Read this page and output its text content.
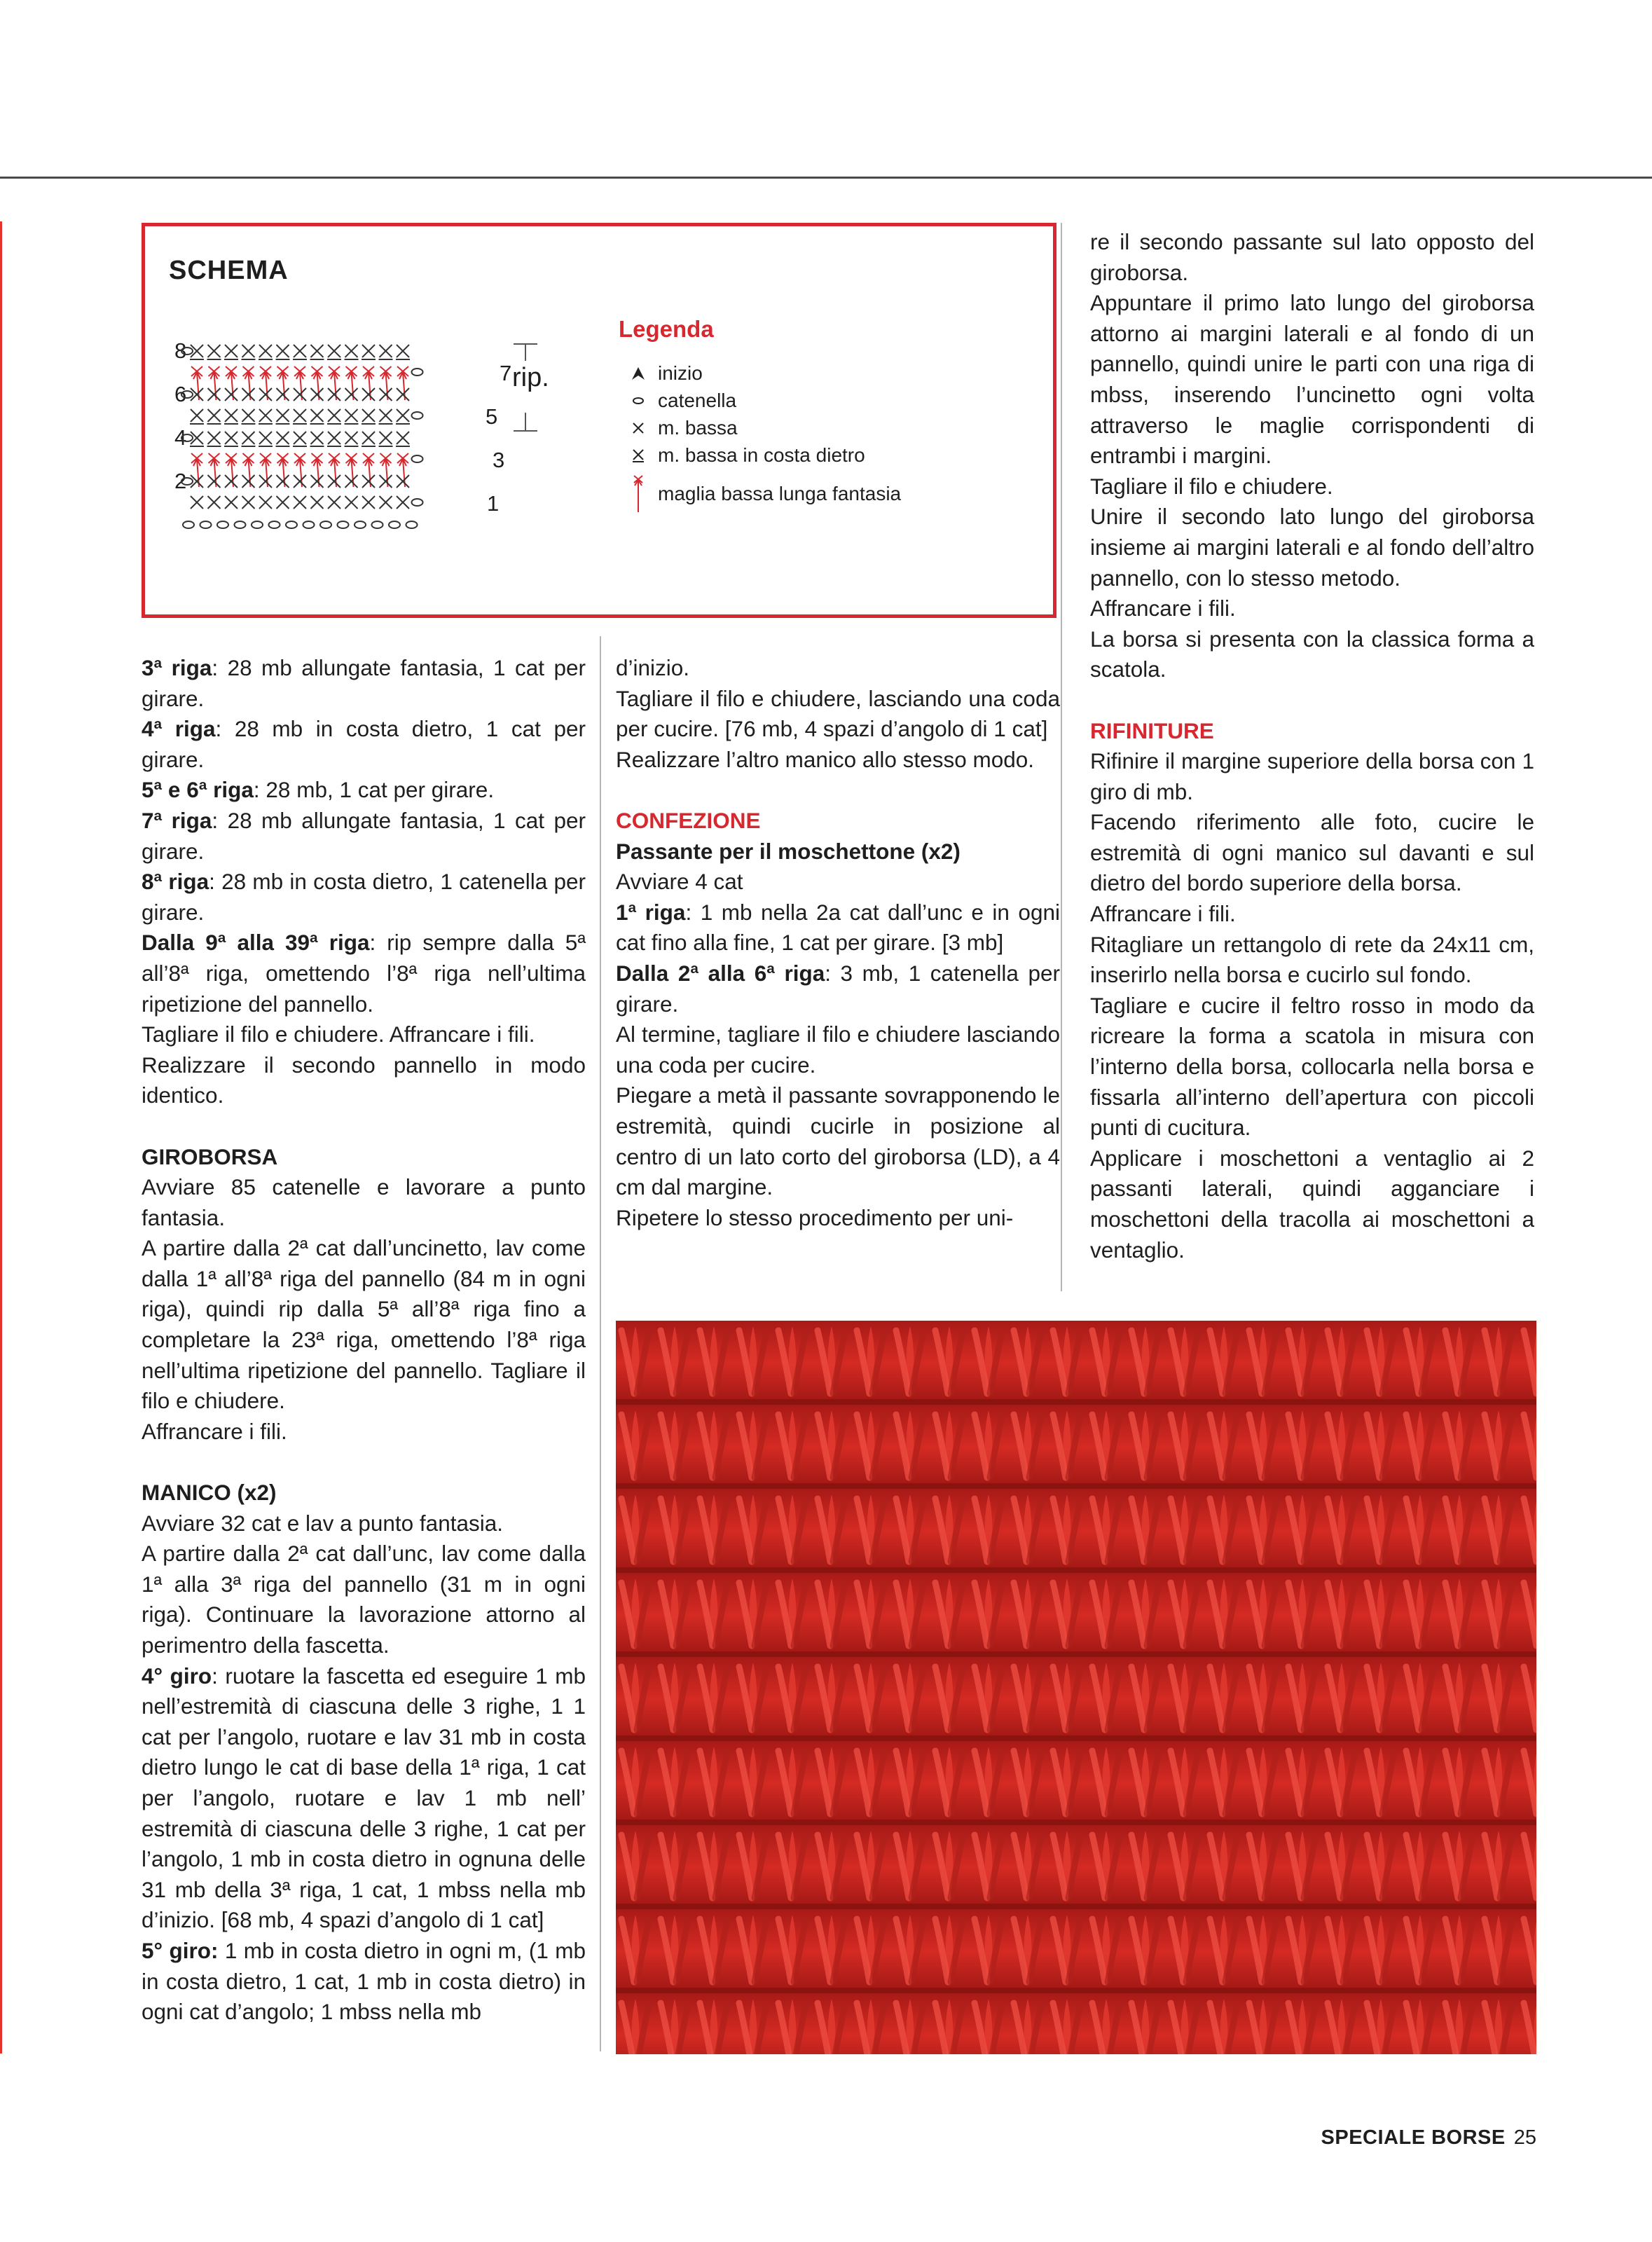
SCHEMA
8
6
4
2
7
5
3
1
rip.
Legenda
inizio
catenella
m. bassa
m. bassa in costa dietro
maglia bassa lunga fantasia

3ª riga: 28 mb allungate fantasia, 1 cat per girare.

4ª riga: 28 mb in costa dietro, 1 cat per girare.

5ª e 6ª riga: 28 mb, 1 cat per girare.

7ª riga: 28 mb allungate fantasia, 1 cat per girare.

8ª riga: 28 mb in costa dietro, 1 catenella per girare.

Dalla 9ª alla 39ª riga: rip sempre dalla 5ª all’8ª riga, omettendo l’8ª riga nell’ultima ripetizione del pannello.

Tagliare il filo e chiudere. Affrancare i fili.

Realizzare il secondo pannello in modo identico.

GIROBORSA

Avviare 85 catenelle e lavorare a punto fantasia.

A partire dalla 2ª cat dall’uncinetto, lav come dalla 1ª all’8ª riga del pannello (84 m in ogni riga), quindi rip dalla 5ª all’8ª riga fino a completare la 23ª riga, omettendo l’8ª riga nell’ultima ripetizione del pannello. Tagliare il filo e chiudere.

Affrancare i fili.

MANICO (x2)

Avviare 32 cat e lav a punto fantasia.

A partire dalla 2ª cat dall’unc, lav come dalla 1ª alla 3ª riga del pannello (31 m in ogni riga). Continuare la lavorazione attorno al perimentro della fascetta.

4° giro: ruotare la fascetta ed eseguire 1 mb nell’estremità di ciascuna delle 3 righe, 1 1 cat per l’angolo, ruotare e lav 31 mb in costa dietro lungo le cat di base della 1ª riga, 1 cat per l’angolo, ruotare e lav 1 mb nell’ estremità di ciascuna delle 3 righe, 1 cat per l’angolo, 1 mb in costa dietro in ognuna delle 31 mb della 3ª riga, 1 cat, 1 mbss nella mb d’inizio. [68 mb, 4 spazi d’angolo di 1 cat]

5° giro: 1 mb in costa dietro in ogni m, (1 mb in costa dietro, 1 cat, 1 mb in costa dietro) in ogni cat d’angolo; 1 mbss nella mb

d’inizio.

Tagliare il filo e chiudere, lasciando una coda per cucire. [76 mb, 4 spazi d’angolo di 1 cat]

Realizzare l’altro manico allo stesso modo.

CONFEZIONE

Passante per il moschettone (x2)

Avviare 4 cat

1ª riga: 1 mb nella 2a cat dall’unc e in ogni cat fino alla fine, 1 cat per girare. [3 mb]

Dalla 2ª alla 6ª riga: 3 mb, 1 catenella per girare.

Al termine, tagliare il filo e chiudere lasciando una coda per cucire.

Piegare a metà il passante sovrapponendo le estremità, quindi cucirle in posizione al centro di un lato corto del giroborsa (LD), a 4 cm dal margine.

Ripetere lo stesso procedimento per uni-

re il secondo passante sul lato opposto del giroborsa.

Appuntare il primo lato lungo del giroborsa attorno ai margini laterali e al fondo di un pannello, quindi unire le parti con una riga di mbss, inserendo l’uncinetto ogni volta attraverso le maglie corrispondenti di entrambi i margini.

Tagliare il filo e chiudere.

Unire il secondo lato lungo del giroborsa insieme ai margini laterali e al fondo dell’altro pannello, con lo stesso metodo.

Affrancare i fili.

La borsa si presenta con la classica forma a scatola.

RIFINITURE

Rifinire il margine superiore della borsa con 1 giro di mb.

Facendo riferimento alle foto, cucire le estremità di ogni manico sul davanti e sul dietro del bordo superiore della borsa.

Affrancare i fili.

Ritagliare un rettangolo di rete da 24x11 cm, inserirlo nella borsa e cucirlo sul fondo.

Tagliare e cucire il feltro rosso in modo da ricreare la forma a scatola in misura con l’interno della borsa, collocarla nella borsa e fissarla all’interno dell’apertura con piccoli punti di cucitura.

Applicare i moschettoni a ventaglio ai 2 passanti laterali, quindi agganciare i moschettoni della tracolla ai moschettoni a ventaglio.

SPECIALE BORSE 25
